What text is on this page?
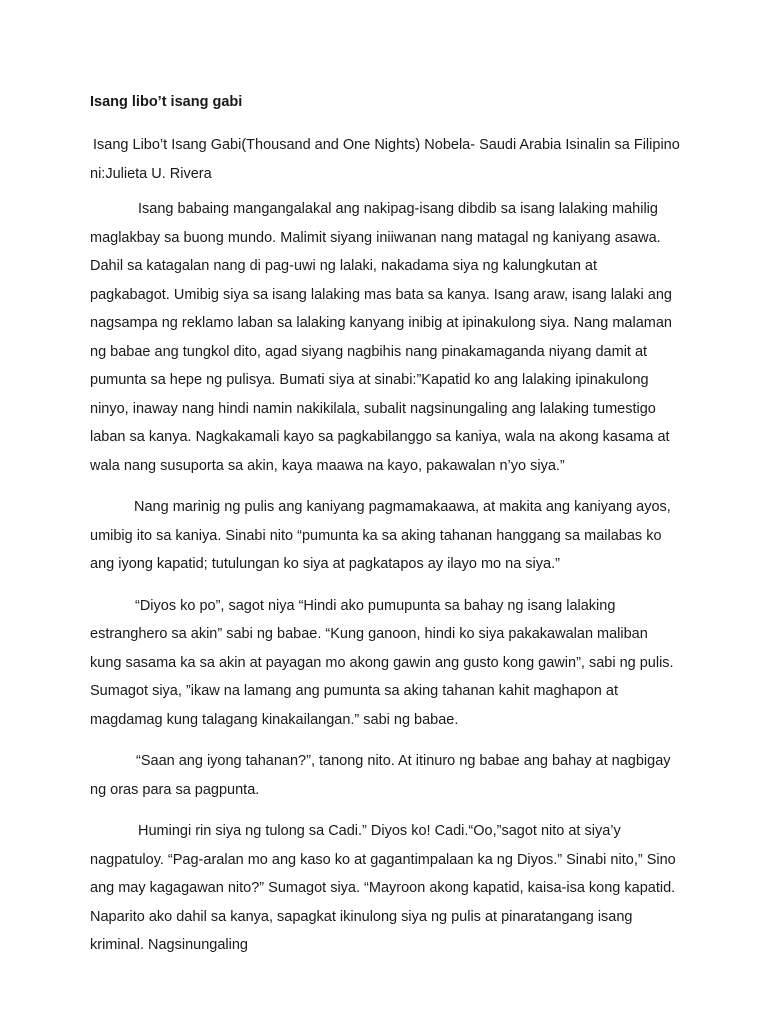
Isang libo’t isang gabi

Isang Libo’t Isang Gabi(Thousand and One Nights) Nobela- Saudi Arabia Isinalin sa Filipino ni:Julieta U. Rivera

Isang babaing mangangalakal ang nakipag-isang dibdib sa isang lalaking mahilig maglakbay sa buong mundo. Malimit siyang iniiwanan nang matagal ng kaniyang asawa. Dahil sa katagalan nang di pag-uwi ng lalaki, nakadama siya ng kalungkutan at pagkabagot. Umibig siya sa isang lalaking mas bata sa kanya. Isang araw, isang lalaki ang nagsampa ng reklamo laban sa lalaking kanyang inibig at ipinakulong siya. Nang malaman ng babae ang tungkol dito, agad siyang nagbihis nang pinakamaganda niyang damit at pumunta sa hepe ng pulisya. Bumati siya at sinabi:”Kapatid ko ang lalaking ipinakulong ninyo, inaway nang hindi namin nakikilala, subalit nagsinungaling ang lalaking tumestigo laban sa kanya. Nagkakamali kayo sa pagkabilanggo sa kaniya, wala na akong kasama at wala nang susuporta sa akin, kaya maawa na kayo, pakawalan n’yo siya.”

Nang marinig ng pulis ang kaniyang pagmamakaawa, at makita ang kaniyang ayos, umibig ito sa kaniya. Sinabi nito “pumunta ka sa aking tahanan hanggang sa mailabas ko ang iyong kapatid; tutulungan ko siya at pagkatapos ay ilayo mo na siya.”

“Diyos ko po”, sagot niya “Hindi ako pumupunta sa bahay ng isang lalaking estranghero sa akin” sabi ng babae. “Kung ganoon, hindi ko siya pakakawalan maliban kung sasama ka sa akin at payagan mo akong gawin ang gusto kong gawin”, sabi ng pulis. Sumagot siya, ”ikaw na lamang ang pumunta sa aking tahanan kahit maghapon at magdamag kung talagang kinakailangan.” sabi ng babae.

“Saan ang iyong tahanan?”, tanong nito. At itinuro ng babae ang bahay at nagbigay ng oras para sa pagpunta.

Humingi rin siya ng tulong sa Cadi.” Diyos ko! Cadi.“Oo,”sagot nito at siya’y nagpatuloy. “Pag-aralan mo ang kaso ko at gagantimpalaan ka ng Diyos.” Sinabi nito,” Sino ang may kagagawan nito?” Sumagot siya. “Mayroon akong kapatid, kaisa-isa kong kapatid. Naparito ako dahil sa kanya, sapagkat ikinulong siya ng pulis at pinaratangang isang kriminal. Nagsinungaling
